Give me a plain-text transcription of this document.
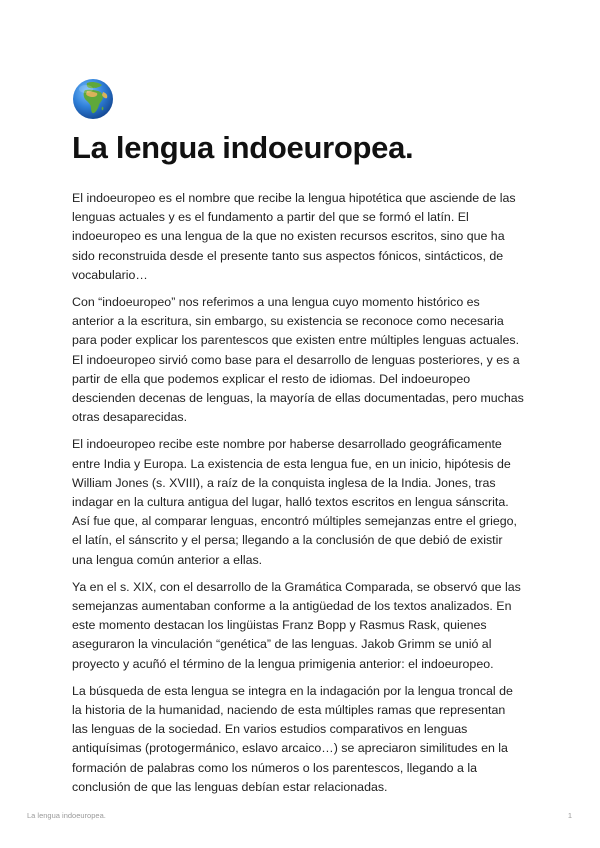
La lengua indoeuropea.

El indoeuropeo es el nombre que recibe la lengua hipotética que asciende de las lenguas actuales y es el fundamento a partir del que se formó el latín. El indoeuropeo es una lengua de la que no existen recursos escritos, sino que ha sido reconstruida desde el presente tanto sus aspectos fónicos, sintácticos, de vocabulario…

Con “indoeuropeo” nos referimos a una lengua cuyo momento histórico es anterior a la escritura, sin embargo, su existencia se reconoce como necesaria para poder explicar los parentescos que existen entre múltiples lenguas actuales. El indoeuropeo sirvió como base para el desarrollo de lenguas posteriores, y es a partir de ella que podemos explicar el resto de idiomas. Del indoeuropeo descienden decenas de lenguas, la mayoría de ellas documentadas, pero muchas otras desaparecidas.

El indoeuropeo recibe este nombre por haberse desarrollado geográficamente entre India y Europa. La existencia de esta lengua fue, en un inicio, hipótesis de William Jones (s. XVIII), a raíz de la conquista inglesa de la India. Jones, tras indagar en la cultura antigua del lugar, halló textos escritos en lengua sánscrita. Así fue que, al comparar lenguas, encontró múltiples semejanzas entre el griego, el latín, el sánscrito y el persa; llegando a la conclusión de que debió de existir una lengua común anterior a ellas.

Ya en el s. XIX, con el desarrollo de la Gramática Comparada, se observó que las semejanzas aumentaban conforme a la antigüedad de los textos analizados. En este momento destacan los lingüistas Franz Bopp y Rasmus Rask, quienes aseguraron la vinculación “genética” de las lenguas. Jakob Grimm se unió al proyecto y acuñó el término de la lengua primigenia anterior: el indoeuropeo.

La búsqueda de esta lengua se integra en la indagación por la lengua troncal de la historia de la humanidad, naciendo de esta múltiples ramas que representan las lenguas de la sociedad. En varios estudios comparativos en lenguas antiquísimas (protogermánico, eslavo arcaico…) se apreciaron similitudes en la formación de palabras como los números o los parentescos, llegando a la conclusión de que las lenguas debían estar relacionadas.

La lengua indoeuropea.	1
